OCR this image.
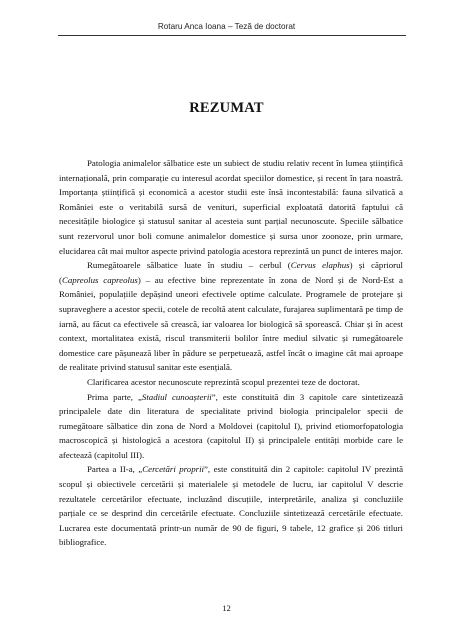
Rotaru Anca Ioana – Teză de doctorat
REZUMAT

Patologia animalelor sălbatice este un subiect de studiu relativ recent în lumea științifică internațională, prin comparație cu interesul acordat speciilor domestice, și recent în țara noastră. Importanța științifică și economică a acestor studii este însă incontestabilă: fauna silvatică a României este o veritabilă sursă de venituri, superficial exploatată datorită faptului că necesitățile biologice și statusul sanitar al acesteia sunt parțial necunoscute. Speciile sălbatice sunt rezervorul unor boli comune animalelor domestice și sursa unor zoonoze, prin urmare, elucidarea cât mai multor aspecte privind patologia acestora reprezintă un punct de interes major.

Rumegătoarele sălbatice luate în studiu – cerbul (Cervus elaphus) și căpriorul (Capreolus capreolus) – au efective bine reprezentate în zona de Nord și de Nord-Est a României, populațiile depășind uneori efectivele optime calculate. Programele de protejare și supraveghere a acestor specii, cotele de recoltă atent calculate, furajarea suplimentară pe timp de iarnă, au făcut ca efectivele să crească, iar valoarea lor biologică să sporească. Chiar și în acest context, mortalitatea există, riscul transmiterii bolilor între mediul silvatic și rumegătoarele domestice care pășunează liber în pădure se perpetuează, astfel încât o imagine cât mai aproape de realitate privind statusul sanitar este esențială.

Clarificarea acestor necunoscute reprezintă scopul prezentei teze de doctorat.

Prima parte, „Stadiul cunoașterii”, este constituită din 3 capitole care sintetizează principalele date din literatura de specialitate privind biologia principalelor specii de rumegătoare sălbatice din zona de Nord a Moldovei (capitolul I), privind etiomorfopatologia macroscopică și histologică a acestora (capitolul II) și principalele entități morbide care le afectează (capitolul III).

Partea a II-a, „Cercetări proprii”, este constituită din 2 capitole: capitolul IV prezintă scopul și obiectivele cercetării și materialele și metodele de lucru, iar capitolul V descrie rezultatele cercetărilor efectuate, incluzând discuțiile, interpretările, analiza și concluziile parțiale ce se desprind din cercetările efectuate. Concluziile sintetizează cercetările efectuate. Lucrarea este documentată printr-un număr de 90 de figuri, 9 tabele, 12 grafice și 206 titluri bibliografice.

12
